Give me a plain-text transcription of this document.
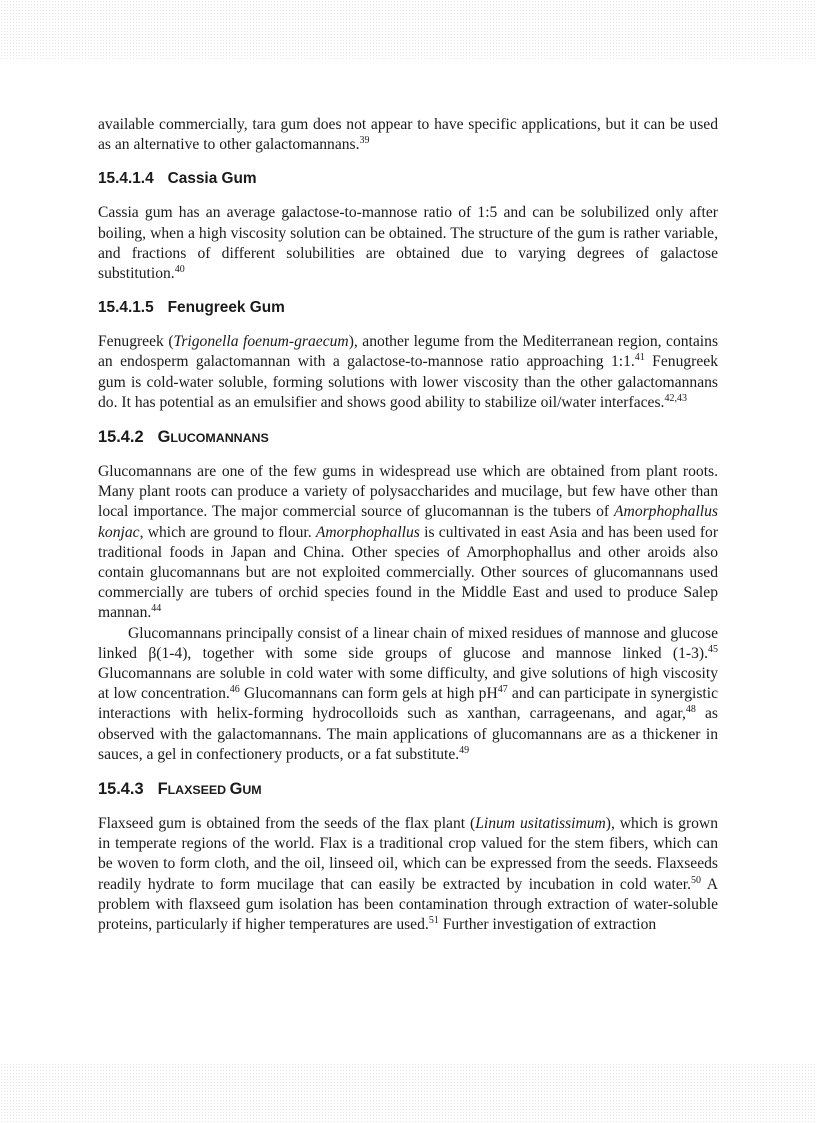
available commercially, tara gum does not appear to have specific applications, but it can be used as an alternative to other galactomannans.$^{39}$

15.4.1.4 Cassia Gum

Cassia gum has an average galactose-to-mannose ratio of 1:5 and can be solubilized only after boiling, when a high viscosity solution can be obtained. The structure of the gum is rather variable, and fractions of different solubilities are obtained due to varying degrees of galactose substitution.$^{40}$

15.4.1.5 Fenugreek Gum

Fenugreek (Trigonella foenum-graecum), another legume from the Mediterranean region, contains an endosperm galactomannan with a galactose-to-mannose ratio approaching 1:1.41 Fenugreek gum is cold-water soluble, forming solutions with lower viscosity than the other galactomannans do. It has potential as an emulsifier and shows good ability to stabilize oil/water interfaces.$^{42,43}$

15.4.2 GLUCOMANNANS

Glucomannans are one of the few gums in widespread use which are obtained from plant roots. Many plant roots can produce a variety of polysaccharides and mucilage, but few have other than local importance. The major commercial source of glucomannan is the tubers of Amorphophallus konjac, which are ground to flour. Amorphophallus is cultivated in east Asia and has been used for traditional foods in Japan and China. Other species of Amorphophallus and other aroids also contain glucomannans but are not exploited commercially. Other sources of glucomannans used commercially are tubers of orchid species found in the Middle East and used to produce Salep mannan.$^{44}$

Glucomannans principally consist of a linear chain of mixed residues of mannose and glucose linked β(1-4), together with some side groups of glucose and mannose linked (1-3).$^{45}$ Glucomannans are soluble in cold water with some difficulty, and give solutions of high viscosity at low concentration.$^{46}$ Glucomannans can form gels at high $pH^{47}$ and can participate in synergistic interactions with helix-forming hydrocolloids such as xanthan, carrageenans, and agar,$^{48}$ as observed with the galactomannans. The main applications of glucomannans are as a thickener in sauces, a gel in confectionery products, or a fat substitute.$^{49}$

15.4.3 FLAXSEED GUM

Flaxseed gum is obtained from the seeds of the flax plant (Linum usitatissimum), which is grown in temperate regions of the world. Flax is a traditional crop valued for the stem fibers, which can be woven to form cloth, and the oil, linseed oil, which can be expressed from the seeds. Flaxseeds readily hydrate to form mucilage that can easily be extracted by incubation in cold water.$^{50}$ A problem with flaxseed gum isolation has been contamination through extraction of water-soluble proteins, particularly if higher temperatures are used.$^{51}$ Further investigation of extraction
